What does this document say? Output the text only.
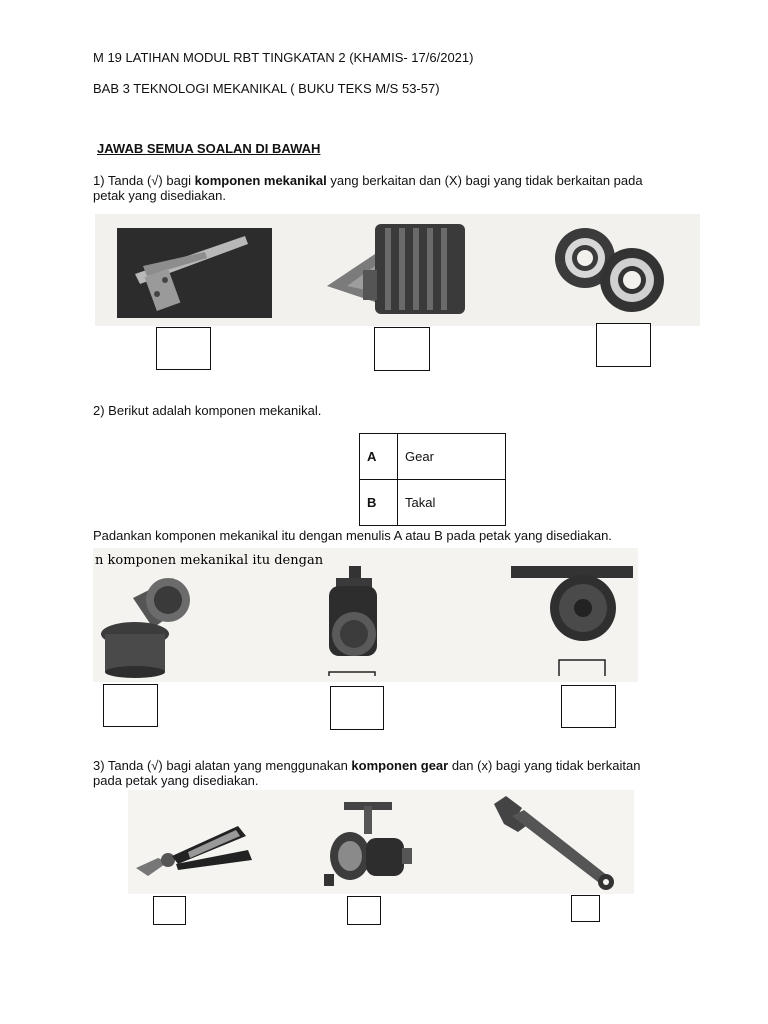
M 19 LATIHAN MODUL RBT TINGKATAN 2 (KHAMIS- 17/6/2021)
BAB 3 TEKNOLOGI MEKANIKAL ( BUKU TEKS M/S 53-57)
JAWAB SEMUA SOALAN DI BAWAH
1) Tanda (√) bagi komponen mekanikal yang berkaitan dan (X) bagi yang tidak berkaitan pada
petak yang disediakan.
2) Berikut adalah komponen mekanikal.
A	Gear
B	Takal
Padankan komponen mekanikal itu dengan menulis A atau B pada petak yang disediakan.
n komponen mekanikal itu dengan
3) Tanda (√) bagi alatan yang menggunakan komponen gear dan (x) bagi yang tidak berkaitan
pada petak yang disediakan.
